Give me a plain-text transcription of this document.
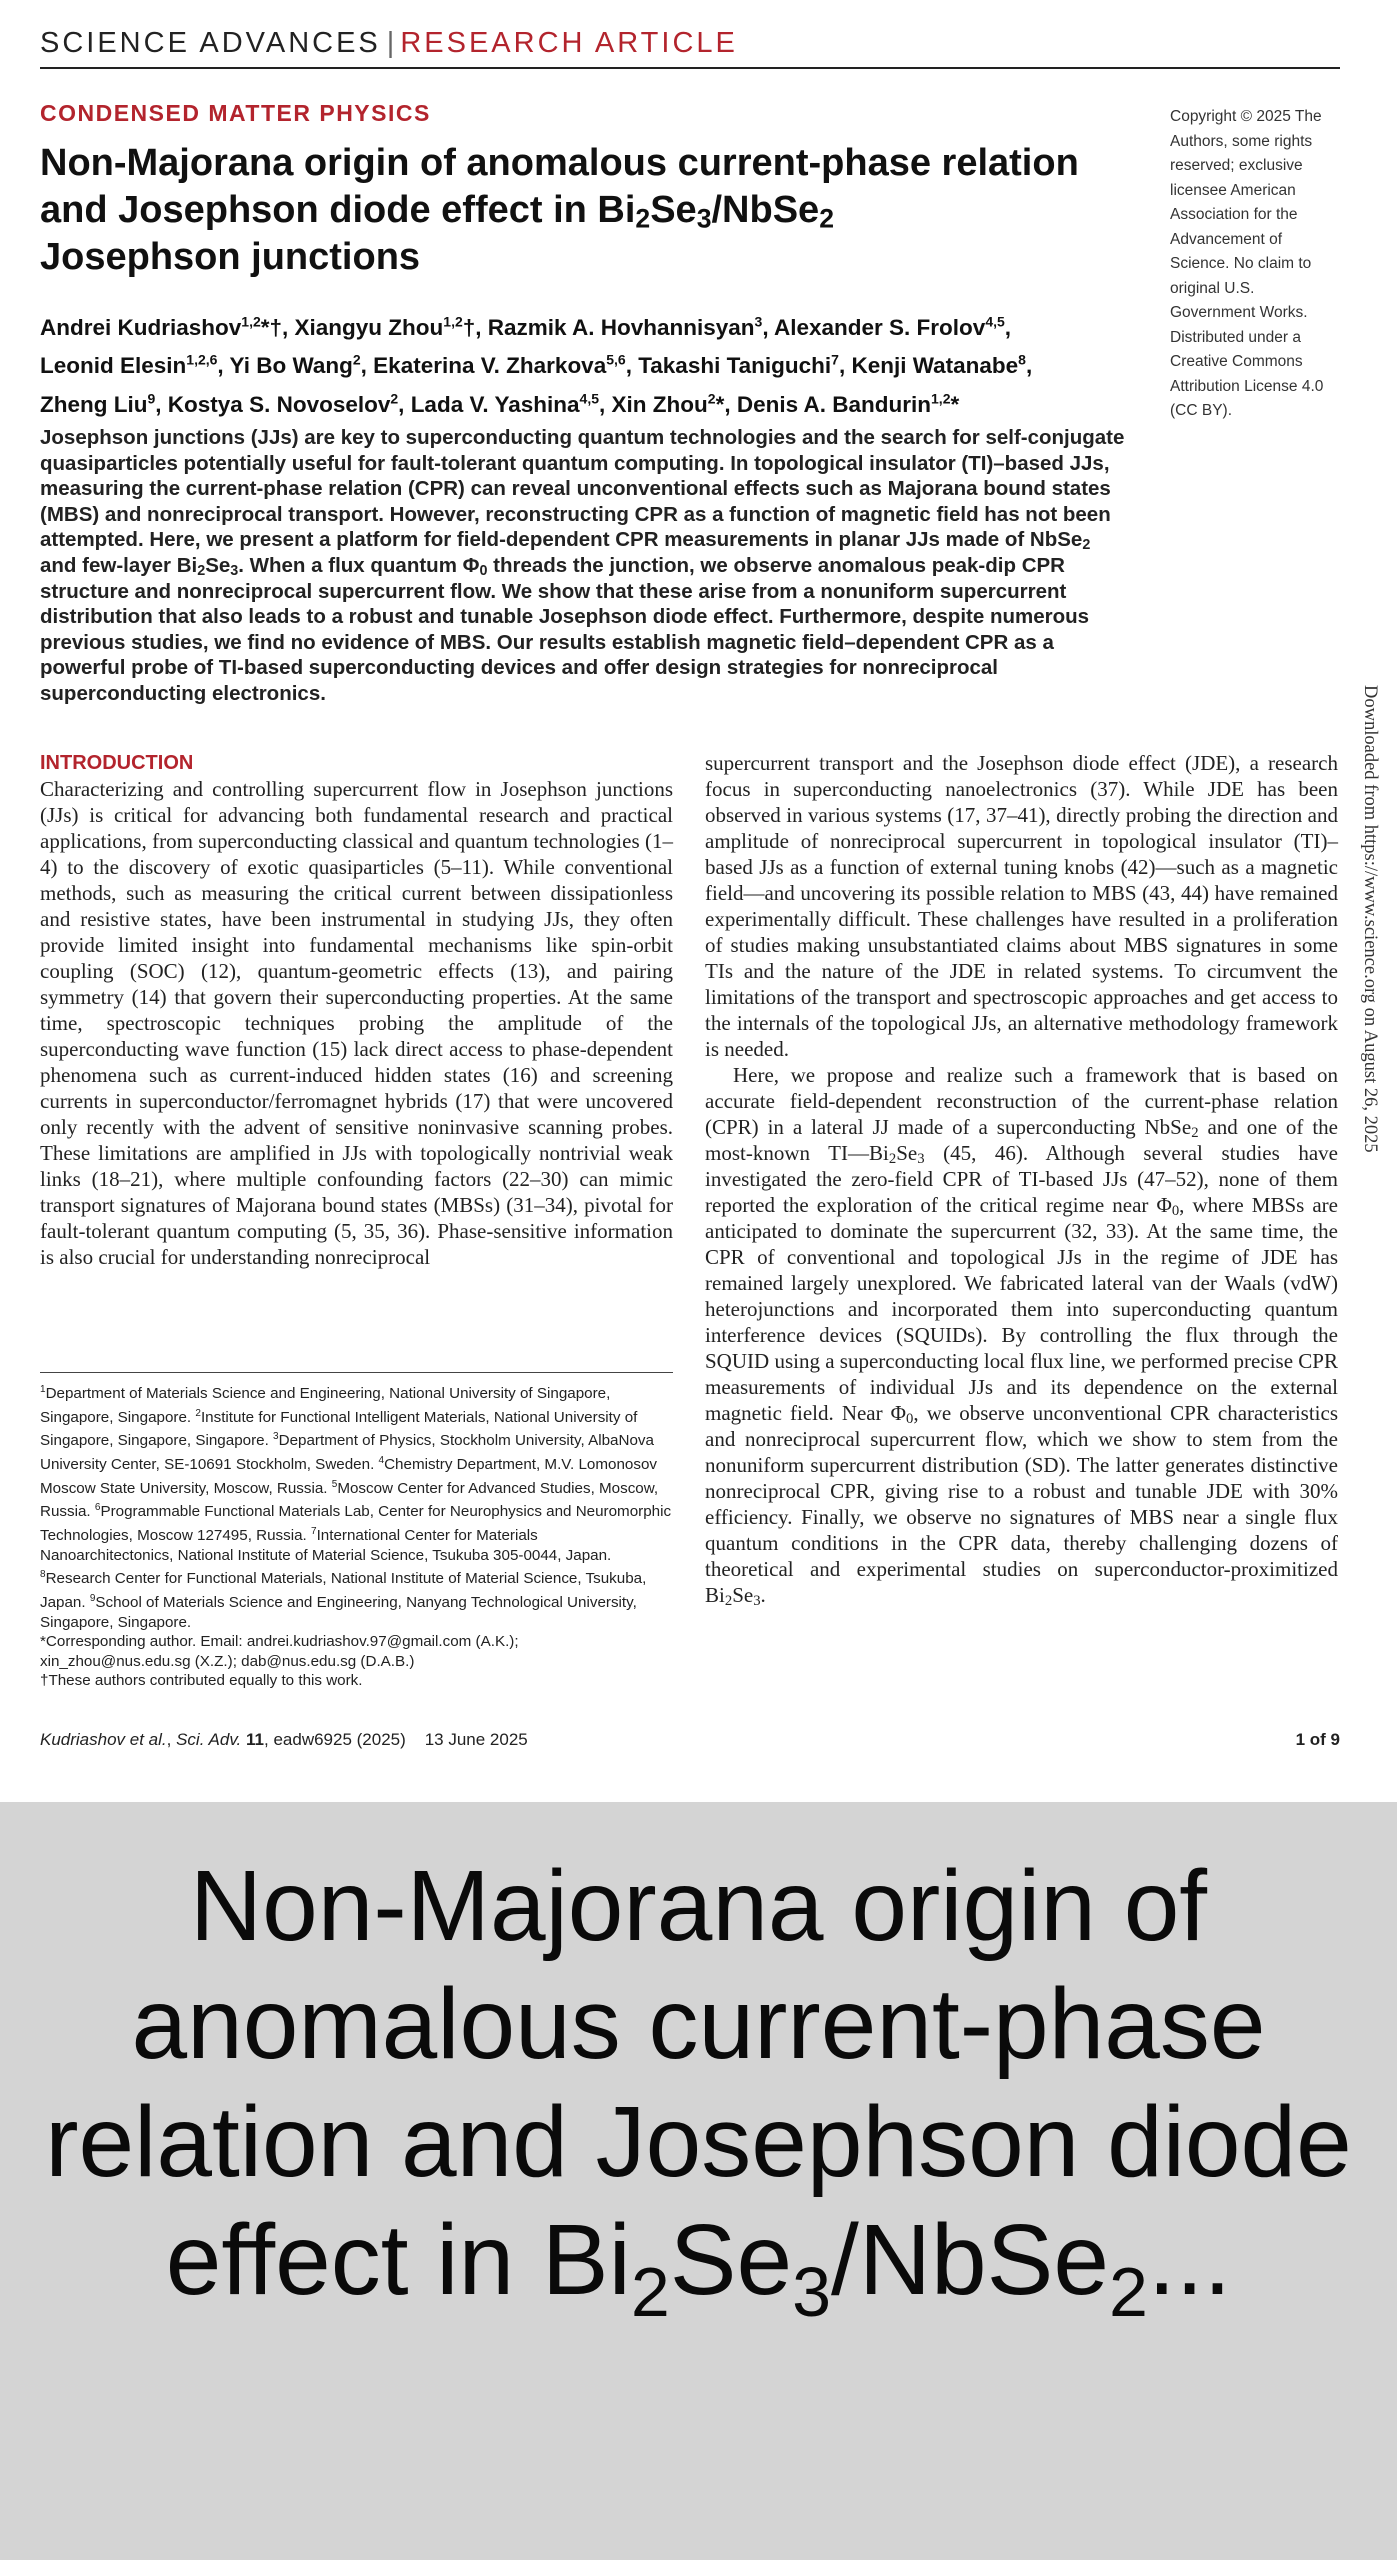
SCIENCE ADVANCES | RESEARCH ARTICLE
CONDENSED MATTER PHYSICS
Non-Majorana origin of anomalous current-phase relation and Josephson diode effect in $Bi_2Se_3/NbSe_2$
Josephson junctions
Andrei Kudriashov$^{1,2}$*†, Xiangyu Zhou$^{1,2}$†, Razmik A. Hovhannisyan$^3$, Alexander S. Frolov$^{4,5}$,
Leonid Elesin$^{1,2,6}$, Yi Bo Wang$^2$, Ekaterina V. Zharkova$^{5,6}$, Takashi Taniguchi$^7$, Kenji Watanabe$^8$,
Zheng Liu$^9$, Kostya S. Novoselov$^2$, Lada V. Yashina$^{4,5}$, Xin Zhou$^2$*, Denis A. Bandurin$^{1,2}$*
Copyright © 2025 The Authors, some rights reserved; exclusive licensee American Association for the Advancement of Science. No claim to original U.S. Government Works. Distributed under a Creative Commons Attribution License 4.0 (CC BY).
Josephson junctions (JJs) are key to superconducting quantum technologies and the search for self-conjugate quasiparticles potentially useful for fault-tolerant quantum computing. In topological insulator (TI)–based JJs, measuring the current-phase relation (CPR) can reveal unconventional effects such as Majorana bound states (MBS) and nonreciprocal transport. However, reconstructing CPR as a function of magnetic field has not been attempted. Here, we present a platform for field-dependent CPR measurements in planar JJs made of NbSe$_2$ and few-layer $Bi_2Se_3$. When a flux quantum $\Phi_0$ threads the junction, we observe anomalous peak-dip CPR structure and nonreciprocal supercurrent flow. We show that these arise from a nonuniform supercurrent distribution that also leads to a robust and tunable Josephson diode effect. Furthermore, despite numerous previous studies, we find no evidence of MBS. Our results establish magnetic field–dependent CPR as a powerful probe of TI-based superconducting devices and offer design strategies for nonreciprocal superconducting electronics.	Downloaded from https://www.science.org on August 26, 2025
INTRODUCTION

Characterizing and controlling supercurrent flow in Josephson junctions (JJs) is critical for advancing both fundamental research and practical applications, from superconducting classical and quantum technologies (1–4) to the discovery of exotic quasiparticles (5–11). While conventional methods, such as measuring the critical current between dissipationless and resistive states, have been instrumental in studying JJs, they often provide limited insight into fundamental mechanisms like spin-orbit coupling (SOC) (12), quantum-geometric effects (13), and pairing symmetry (14) that govern their superconducting properties. At the same time, spectroscopic techniques probing the amplitude of the superconducting wave function (15) lack direct access to phase-dependent phenomena such as current-induced hidden states (16) and screening currents in superconductor/ferromagnet hybrids (17) that were uncovered only recently with the advent of sensitive noninvasive scanning probes. These limitations are amplified in JJs with topologically nontrivial weak links (18–21), where multiple confounding factors (22–30) can mimic transport signatures of Majorana bound states (MBSs) (31–34), pivotal for fault-tolerant quantum computing (5, 35, 36). Phase-sensitive information is also crucial for understanding nonreciprocal

supercurrent transport and the Josephson diode effect (JDE), a research focus in superconducting nanoelectronics (37). While JDE has been observed in various systems (17, 37–41), directly probing the direction and amplitude of nonreciprocal supercurrent in topological insulator (TI)–based JJs as a function of external tuning knobs (42)—such as a magnetic field—and uncovering its possible relation to MBS (43, 44) have remained experimentally difficult. These challenges have resulted in a proliferation of studies making unsubstantiated claims about MBS signatures in some TIs and the nature of the JDE in related systems. To circumvent the limitations of the transport and spectroscopic approaches and get access to the internals of the topological JJs, an alternative methodology framework is needed.

Here, we propose and realize such a framework that is based on accurate field-dependent reconstruction of the current-phase relation (CPR) in a lateral JJ made of a superconducting NbSe$_2$ and one of the most-known $TI—Bi_2Se_3$ (45, 46). Although several studies have investigated the zero-field CPR of TI-based JJs (47–52), none of them reported the exploration of the critical regime near $\Phi_0$, where MBSs are anticipated to dominate the supercurrent (32, 33). At the same time, the CPR of conventional and topological JJs in the regime of JDE has remained largely unexplored. We fabricated lateral van der Waals (vdW) heterojunctions and incorporated them into superconducting quantum interference devices (SQUIDs). By controlling the flux through the SQUID using a superconducting local flux line, we performed precise CPR measurements of individual JJs and its dependence on the external magnetic field. Near $\Phi_0$, we observe unconventional CPR characteristics and nonreciprocal supercurrent flow, which we show to stem from the nonuniform supercurrent distribution (SD). The latter generates distinctive nonreciprocal CPR, giving rise to a robust and tunable JDE with 30% efficiency. Finally, we observe no signatures of MBS near a single flux quantum conditions in the CPR data, thereby challenging dozens of theoretical and experimental studies on superconductor-proximitized $Bi_2Se_3$.

$^1$Department of Materials Science and Engineering, National University of Singapore, Singapore, Singapore. $^2$Institute for Functional Intelligent Materials, National University of Singapore, Singapore, Singapore. $^3$Department of Physics, Stockholm University, AlbaNova University Center, SE-10691 Stockholm, Sweden. $^4$Chemistry Department, M.V. Lomonosov Moscow State University, Moscow, Russia. $^5$Moscow Center for Advanced Studies, Moscow, Russia. $^6$Programmable Functional Materials Lab, Center for Neurophysics and Neuromorphic Technologies, Moscow 127495, Russia. $^7$International Center for Materials Nanoarchitectonics, National Institute of Material Science, Tsukuba 305-0044, Japan. $^8$Research Center for Functional Materials, National Institute of Material Science, Tsukuba, Japan. $^9$School of Materials Science and Engineering, Nanyang Technological University, Singapore, Singapore.

*Corresponding author. Email: andrei.kudriashov.97@gmail.com (A.K.); xin_zhou@nus.edu.sg (X.Z.); dab@nus.edu.sg (D.A.B.)

†These authors contributed equally to this work.

Kudriashov et al., Sci. Adv. 11, eadw6925 (2025) 13 June 2025	1 of 9
Non-Majorana origin of anomalous current-phase relation and Josephson diode effect in $Bi_2Se_3/NbSe_2$...
